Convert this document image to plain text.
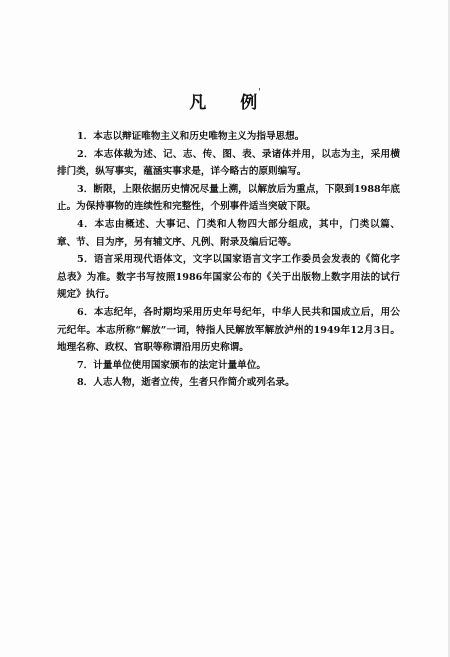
凡 例'

1．本志以辩证唯物主义和历史唯物主义为指导思想。

2．本志体裁为述、记、志、传、图、表、录诸体并用，以志为主，采用横排门类，纵写事实，蕴涵实事求是，详今略古的原则编写。

3．断限，上限依据历史情况尽量上溯，以解放后为重点，下限到1988年底止。为保持事物的连续性和完整性，个别事件适当突破下限。

4．本志由概述、大事记、门类和人物四大部分组成，其中，门类以篇、章、节、目为序，另有辅文序、凡例、附录及编后记等。

5．语言采用现代语体文，文字以国家语言文字工作委员会发表的《简化字总表》为准。数字书写按照1986年国家公布的《关于出版物上数字用法的试行规定》执行。

6．本志纪年，各时期均采用历史年号纪年，中华人民共和国成立后，用公元纪年。本志所称“解放”一词，特指人民解放军解放泸州的1949年12月3日。地理名称、政权、官职等称谓沿用历史称谓。

7．计量单位使用国家颁布的法定计量单位。

8．人志人物，逝者立传，生者只作简介或列名录。
